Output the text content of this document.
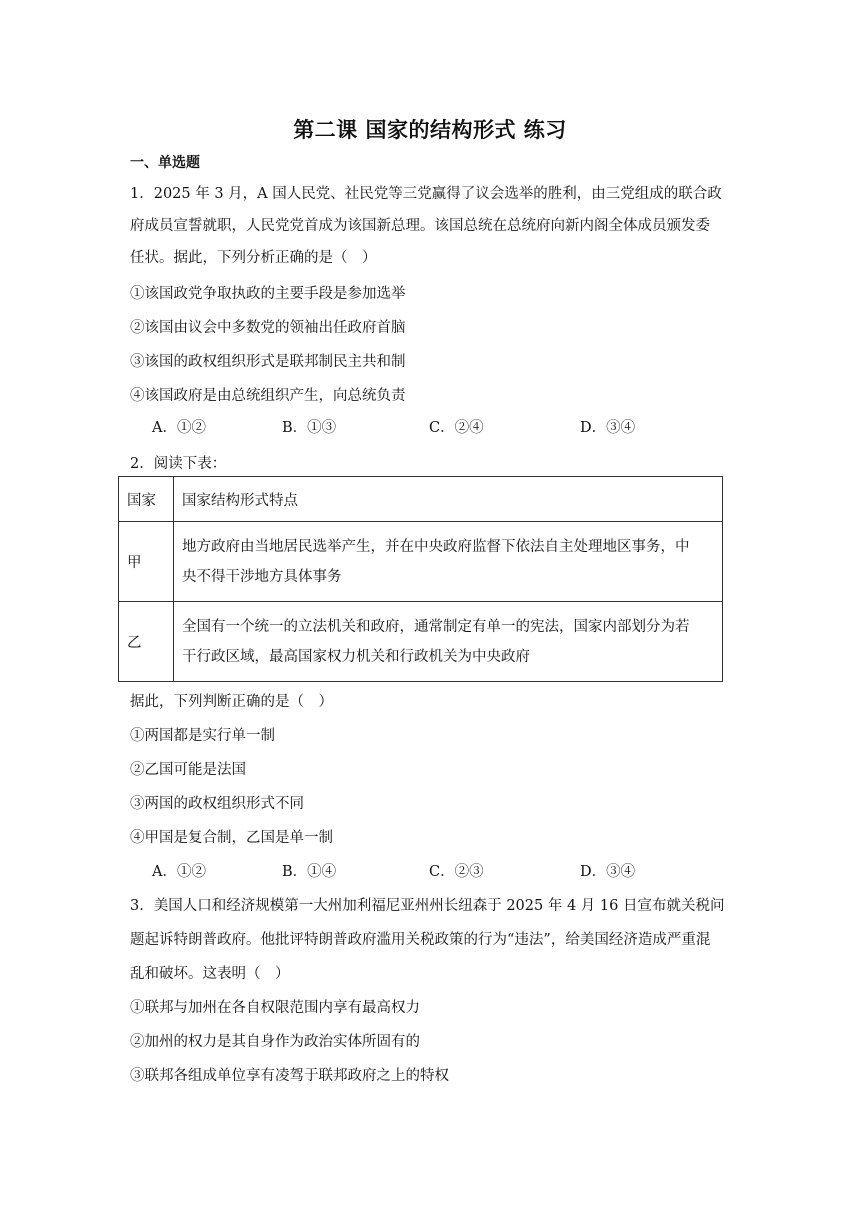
第二课 国家的结构形式 练习
一、单选题
1．2025 年 3 月，A 国人民党、社民党等三党赢得了议会选举的胜利，由三党组成的联合政
府成员宣誓就职，人民党党首成为该国新总理。该国总统在总统府向新内阁全体成员颁发委
任状。据此，下列分析正确的是（　）
①该国政党争取执政的主要手段是参加选举
②该国由议会中多数党的领袖出任政府首脑
③该国的政权组织形式是联邦制民主共和制
④该国政府是由总统组织产生，向总统负责
A．①②	B．①③	C．②④	D．③④
2．阅读下表：
国家	国家结构形式特点
甲	地方政府由当地居民选举产生，并在中央政府监督下依法自主处理地区事务，中
央不得干涉地方具体事务

乙	全国有一个统一的立法机关和政府，通常制定有单一的宪法，国家内部划分为若
干行政区域，最高国家权力机关和行政机关为中央政府
据此，下列判断正确的是（　）
①两国都是实行单一制
②乙国可能是法国
③两国的政权组织形式不同
④甲国是复合制，乙国是单一制
A．①②	B．①④	C．②③	D．③④
3．美国人口和经济规模第一大州加利福尼亚州州长纽森于 2025 年 4 月 16 日宣布就关税问
题起诉特朗普政府。他批评特朗普政府滥用关税政策的行为“违法”，给美国经济造成严重混
乱和破坏。这表明（　）
①联邦与加州在各自权限范围内享有最高权力
②加州的权力是其自身作为政治实体所固有的
③联邦各组成单位享有凌驾于联邦政府之上的特权
